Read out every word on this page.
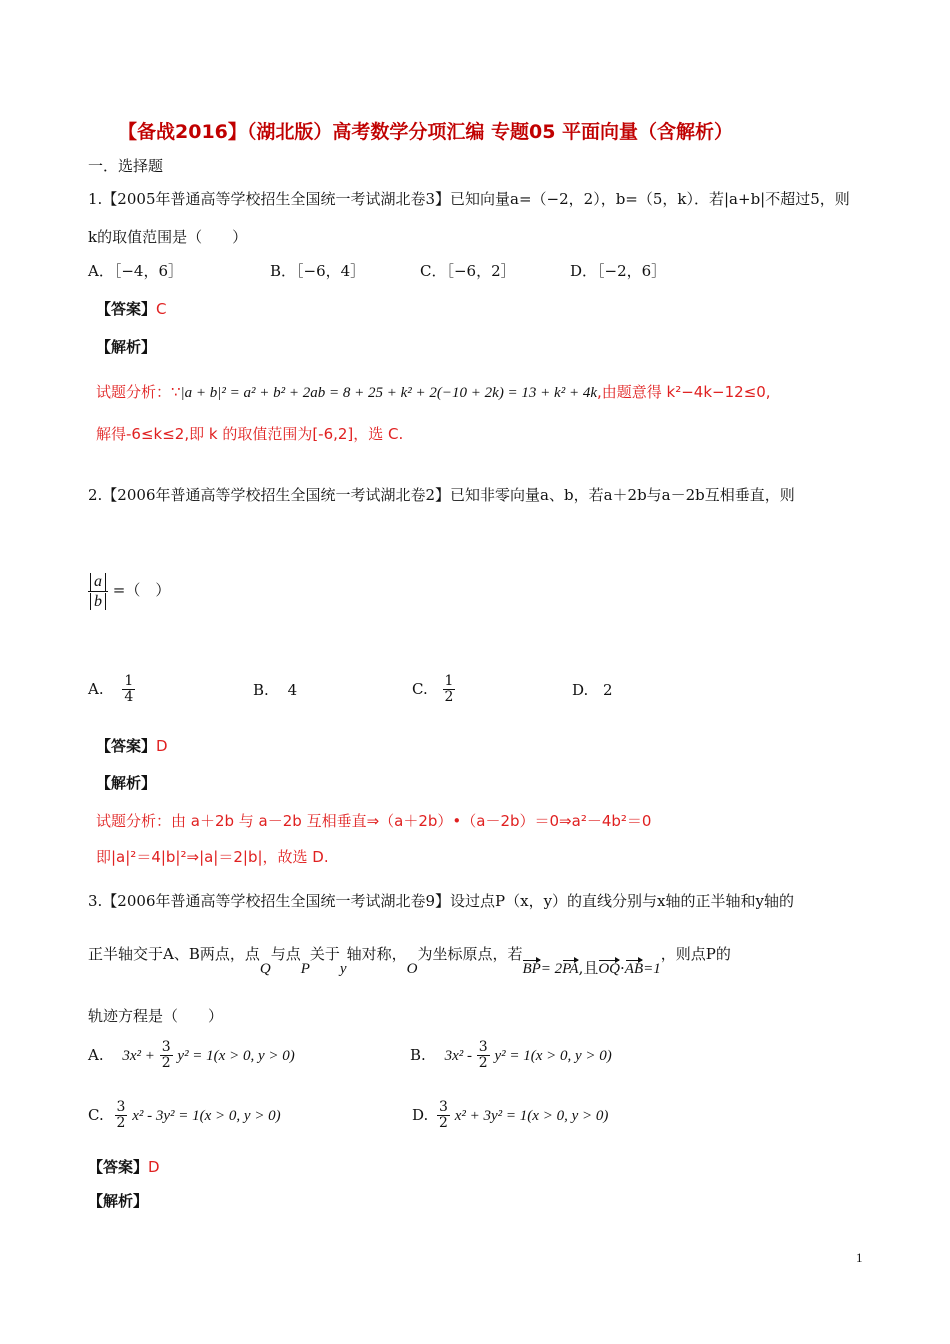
【备战2016】（湖北版）高考数学分项汇编 专题05 平面向量（含解析）
一．选择题
1.【2005年普通高等学校招生全国统一考试湖北卷3】已知向量a=（−2，2），b=（5，k）．若|a+b|不超过5，则
k的取值范围是（　　）
A．［−4，6］	B．［−6，4］	C．［−6，2］	D．［−2，6］
【答案】C
【解析】
试题分析：∵|a + b|² = a² + b² + 2ab = 8 + 25 + k² + 2(−10 + 2k) = 13 + k² + 4k,由题意得 k²−4k−12≤0,
解得-6≤k≤2,即 k 的取值范围为[-6,2]，选 C.
2.【2006年普通高等学校招生全国统一考试湖北卷2】已知非零向量a、b，若a＋2b与a－2b互相垂直，则
$\frac{a}{b}$ =（　）
A. $\frac{1}{4}$	B. 4	C. $\frac{1}{2}$	D. 2
【答案】D
【解析】
试题分析：由 a＋2b 与 a－2b 互相垂直⇒（a＋2b）•（a－2b）＝0⇒a²－4b²＝0
即|a|²＝4|b|²⇒|a|＝2|b|，故选 D.
3.【2006年普通高等学校招生全国统一考试湖北卷9】设过点P（x，y）的直线分别与x轴的正半轴和y轴的
正半轴交于A、B两点，点Q与点P关于y轴对称，O为坐标原点，若BP= 2PA,且OQ·AB=1，则点P的
轨迹方程是（　　）
A. $3x^2 + \frac{3}{2} y^2 = 1(x > 0$, y > 0)	B. $3x^2 - \frac{3}{2} y^2 = 1(x > 0$, y > 0)
C. $\frac{3}{2} x^2 - 3y^2 = 1(x > 0$, y > 0)	D. $\frac{3}{2} x^2 + 3y^2 = 1(x > 0$, y > 0)
【答案】D
【解析】
1
